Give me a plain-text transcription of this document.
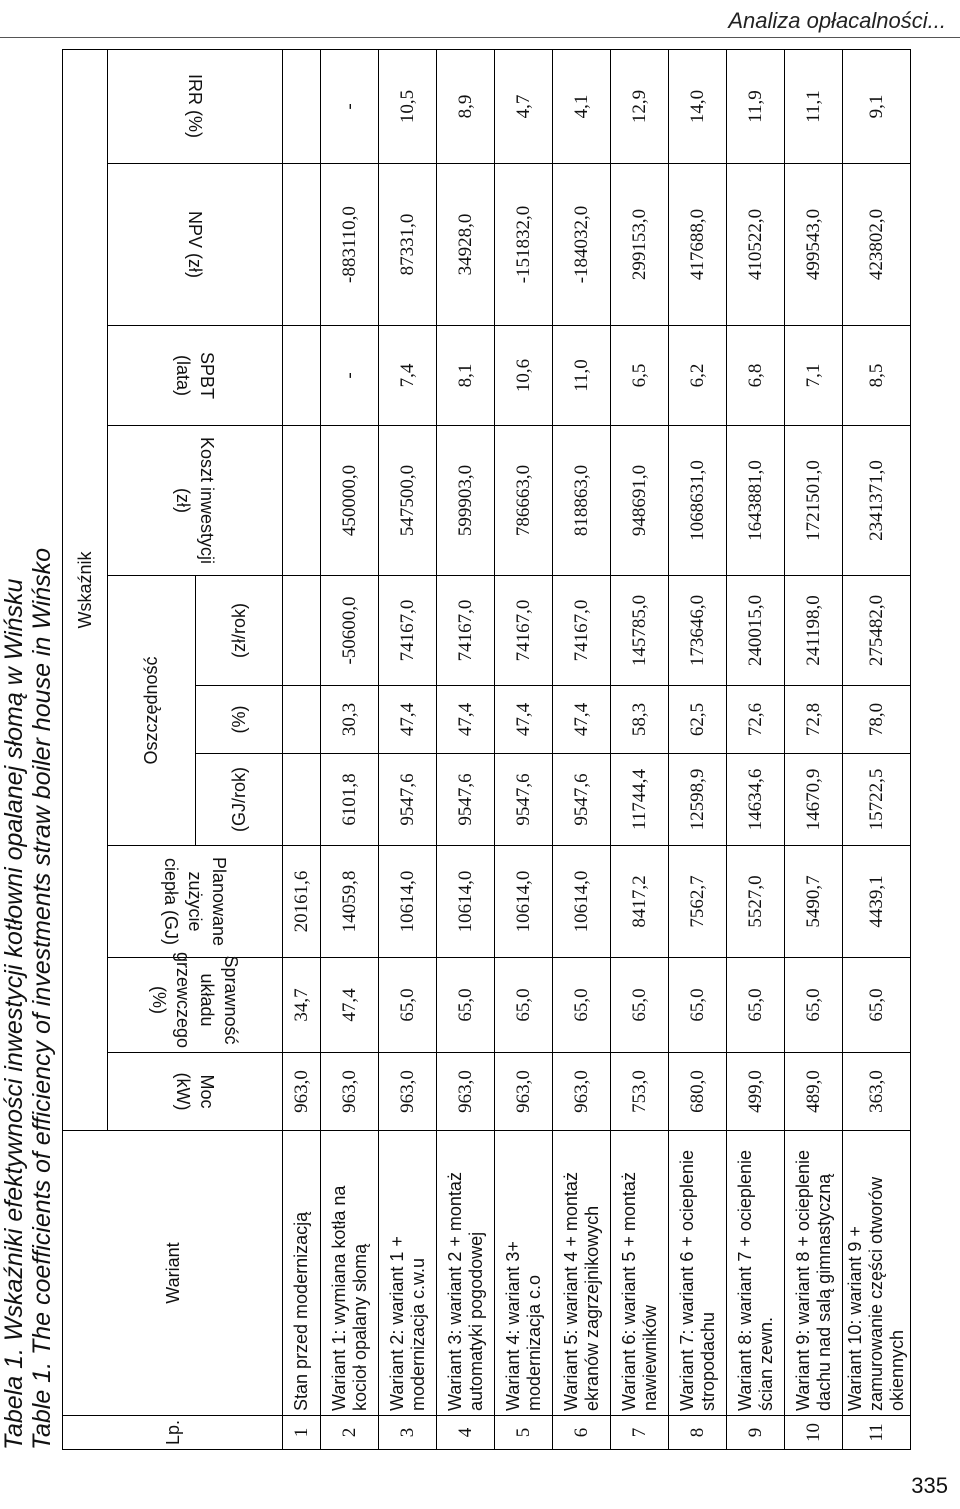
Analiza opłacalności...
Tabela 1. Wskaźniki efektywności inwestycji kotłowni opalanej słomą w Wińsku Table 1. The coefficients of efficiency of investments straw boiler house in Wińsko	Lp.	Wariant	Wskaźnik									
		Moc (kW)	Sprawność układu grzewczego (%)	Planowane zużycie ciepła (GJ)	Oszczędność			Koszt inwestycji (zł)	SPBT (lata)	NPV (zł)	IRR (%)
					(GJ/rok)	(%)	(zł/rok)				
1	Stan przed modernizacją	963,0	34,7	20161,6							
2	Wariant 1: wymiana kotła na kocioł opalany słomą	963,0	47,4	14059,8	6101,8	30,3	-50600,0	450000,0	-	-883110,0	-
3	Wariant 2: wariant 1 + modernizacja c.w.u	963,0	65,0	10614,0	9547,6	47,4	74167,0	547500,0	7,4	87331,0	10,5
4	Wariant 3: wariant 2 + montaż automatyki pogodowej	963,0	65,0	10614,0	9547,6	47,4	74167,0	599903,0	8,1	34928,0	8,9
5	Wariant 4: wariant 3+ modernizacja c.o	963,0	65,0	10614,0	9547,6	47,4	74167,0	786663,0	10,6	-151832,0	4,7
6	Wariant 5: wariant 4 + montaż ekranów zagrzejnikowych	963,0	65,0	10614,0	9547,6	47,4	74167,0	818863,0	11,0	-184032,0	4,1
7	Wariant 6: wariant 5 + montaż nawiewników	753,0	65,0	8417,2	11744,4	58,3	145785,0	948691,0	6,5	299153,0	12,9
8	Wariant 7: wariant 6 + ocieplenie stropodachu	680,0	65,0	7562,7	12598,9	62,5	173646,0	1068631,0	6,2	417688,0	14,0
9	Wariant 8: wariant 7 + ocieplenie ścian zewn.	499,0	65,0	5527,0	14634,6	72,6	240015,0	1643881,0	6,8	410522,0	11,9
10	Wariant 9: wariant 8 + ocieplenie dachu nad salą gimnastyczną	489,0	65,0	5490,7	14670,9	72,8	241198,0	1721501,0	7,1	499543,0	11,1
11	Wariant 10: wariant 9 + zamurowanie części otworów okiennych	363,0	65,0	4439,1	15722,5	78,0	275482,0	2341371,0	8,5	423802,0	9,1
335
